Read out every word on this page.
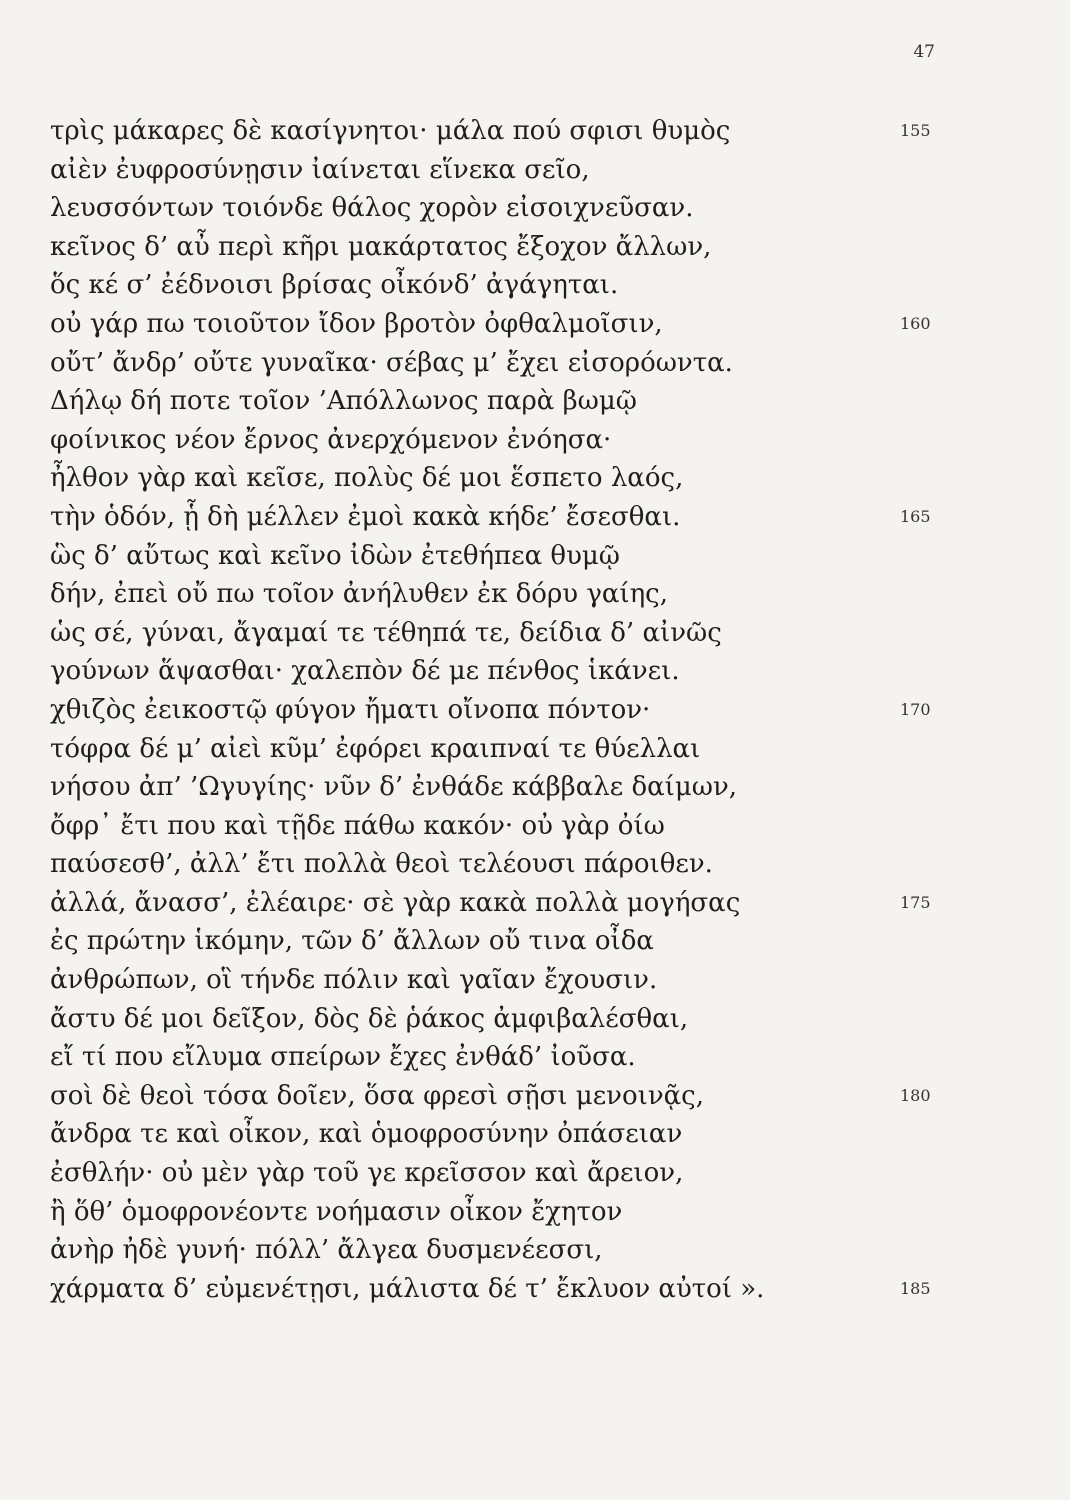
47
τρὶς μάκαρες δὲ κασίγνητοι· μάλα πού σφισι θυμὸς	155
αἰὲν ἐυφροσύνῃσιν ἰαίνεται εἵνεκα σεῖο,
λευσσόντων τοιόνδε θάλος χορὸν εἰσοιχνεῦσαν.
κεῖνος δ’ αὖ περὶ κῆρι μακάρτατος ἔξοχον ἄλλων,
ὅς κέ σ’ ἐέδνοισι βρίσας οἶκόνδ’ ἀγάγηται.
οὐ γάρ πω τοιοῦτον ἴδον βροτὸν ὀφθαλμοῖσιν,	160
οὔτ’ ἄνδρ’ οὔτε γυναῖκα· σέβας μ’ ἔχει εἰσορόωντα.
Δήλῳ δή ποτε τοῖον ’Απόλλωνος παρὰ βωμῷ
φοίνικος νέον ἔρνος ἀνερχόμενον ἐνόησα·
ἦλθον γὰρ καὶ κεῖσε, πολὺς δέ μοι ἕσπετο λαός,
τὴν ὁδόν, ᾗ δὴ μέλλεν ἐμοὶ κακὰ κήδε’ ἔσεσθαι.	165
ὣς δ’ αὔτως καὶ κεῖνο ἰδὼν ἐτεθήπεα θυμῷ
δήν, ἐπεὶ οὔ πω τοῖον ἀνήλυθεν ἐκ δόρυ γαίης,
ὡς σέ, γύναι, ἄγαμαί τε τέθηπά τε, δείδια δ’ αἰνῶς
γούνων ἅψασθαι· χαλεπὸν δέ με πένθος ἱκάνει.
χθιζὸς ἐεικοστῷ φύγον ἤματι οἴνοπα πόντον·	170
τόφρα δέ μ’ αἰεὶ κῦμ’ ἐφόρει κραιπναί τε θύελλαι
νήσου ἀπ’ ’Ωγυγίης· νῦν δ’ ἐνθάδε κάββαλε δαίμων,
ὄφρ᾽ ἔτι που καὶ τῇδε πάθω κακόν· οὐ γὰρ ὀίω
παύσεσθ’, ἀλλ’ ἔτι πολλὰ θεοὶ τελέουσι πάροιθεν.
ἀλλά, ἄνασσ’, ἐλέαιρε· σὲ γὰρ κακὰ πολλὰ μογήσας	175
ἐς πρώτην ἱκόμην, τῶν δ’ ἄλλων οὔ τινα οἶδα
ἀνθρώπων, οἳ τήνδε πόλιν καὶ γαῖαν ἔχουσιν.
ἄστυ δέ μοι δεῖξον, δὸς δὲ ῥάκος ἀμφιβαλέσθαι,
εἴ τί που εἴλυμα σπείρων ἔχες ἐνθάδ’ ἰοῦσα.
σοὶ δὲ θεοὶ τόσα δοῖεν, ὅσα φρεσὶ σῇσι μενοινᾷς,	180
ἄνδρα τε καὶ οἶκον, καὶ ὁμοφροσύνην ὀπάσειαν
ἐσθλήν· οὐ μὲν γὰρ τοῦ γε κρεῖσσον καὶ ἄρειον,
ἢ ὅθ’ ὁμοφρονέοντε νοήμασιν οἶκον ἔχητον
ἀνὴρ ἠδὲ γυνή· πόλλ’ ἄλγεα δυσμενέεσσι,
χάρματα δ’ εὐμενέτῃσι, μάλιστα δέ τ’ ἔκλυον αὐτοί ».	185
